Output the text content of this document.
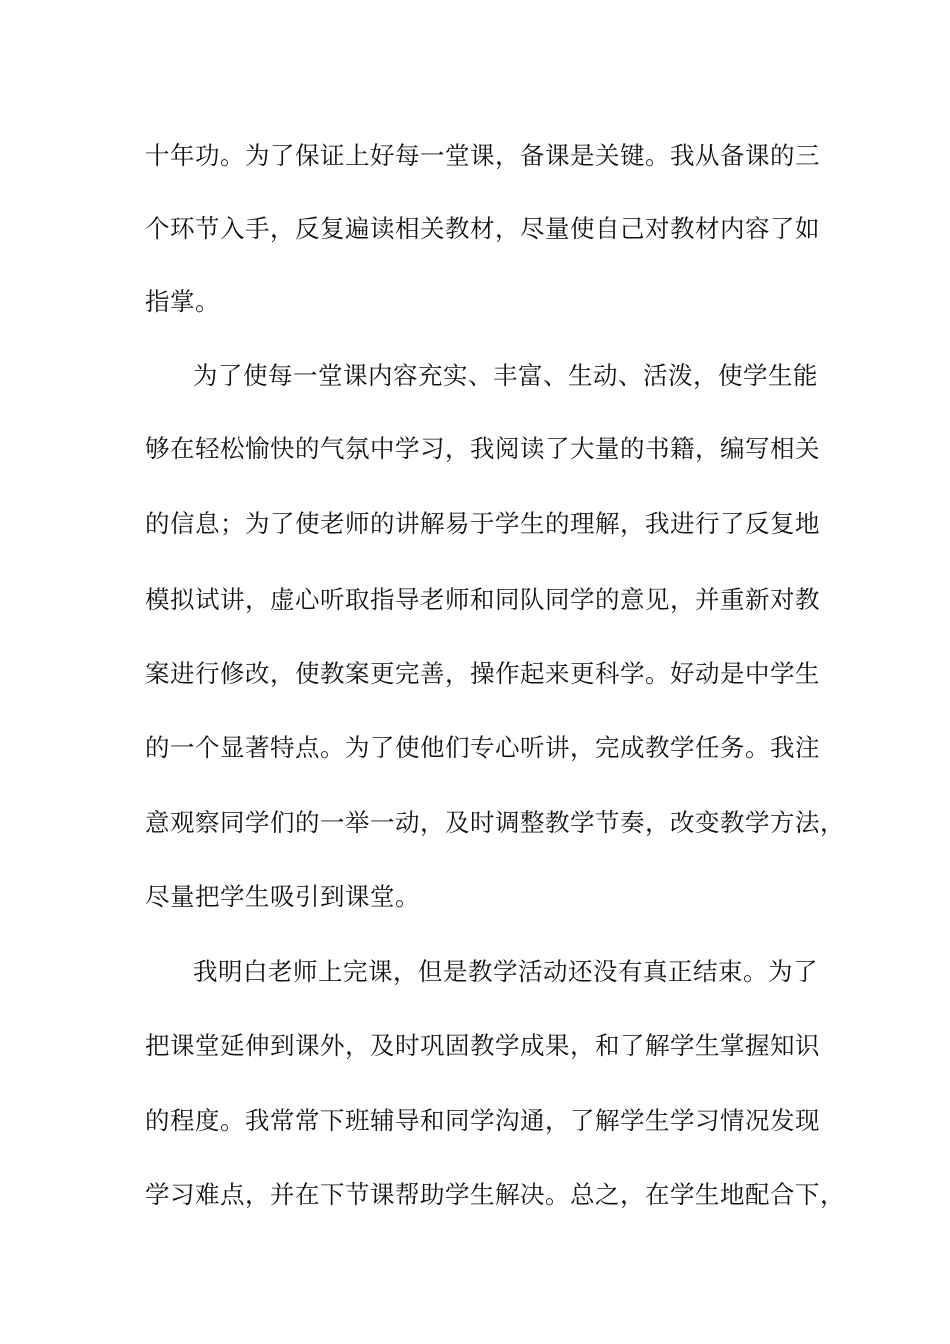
十年功。为了保证上好每一堂课，备课是关键。我从备课的三
个环节入手，反复遍读相关教材，尽量使自己对教材内容了如
指掌。
为了使每一堂课内容充实、丰富、生动、活泼，使学生能
够在轻松愉快的气氛中学习，我阅读了大量的书籍，编写相关
的信息；为了使老师的讲解易于学生的理解，我进行了反复地
模拟试讲，虚心听取指导老师和同队同学的意见，并重新对教
案进行修改，使教案更完善，操作起来更科学。好动是中学生
的一个显著特点。为了使他们专心听讲，完成教学任务。我注
意观察同学们的一举一动，及时调整教学节奏，改变教学方法，
尽量把学生吸引到课堂。
我明白老师上完课，但是教学活动还没有真正结束。为了
把课堂延伸到课外，及时巩固教学成果，和了解学生掌握知识
的程度。我常常下班辅导和同学沟通，了解学生学习情况发现
学习难点，并在下节课帮助学生解决。总之，在学生地配合下，
